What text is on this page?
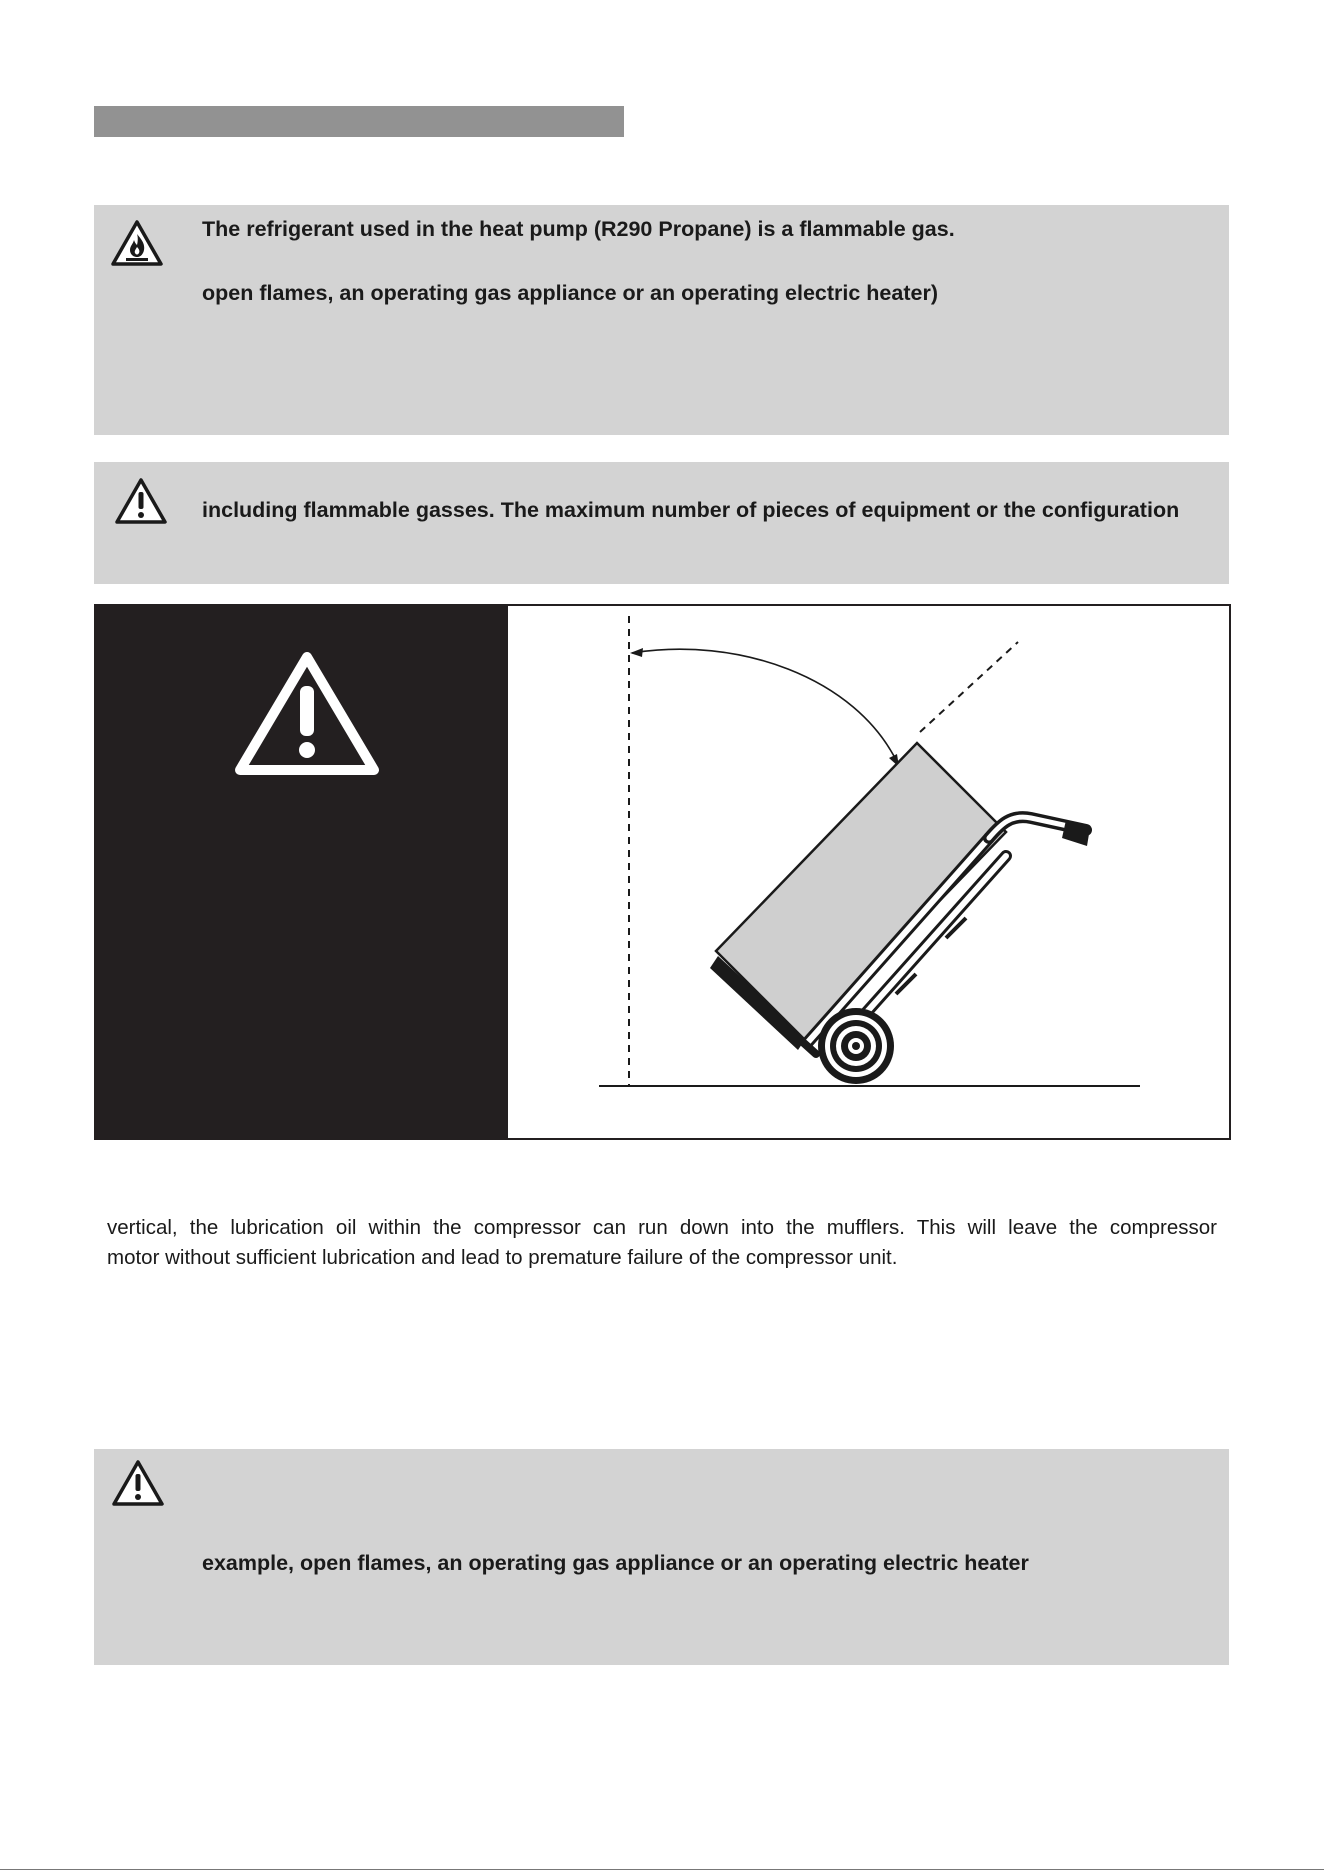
The refrigerant used in the heat pump (R290 Propane) is a flammable gas.

open flames, an operating gas appliance or an operating electric heater)

including flammable gasses. The maximum number of pieces of equipment or the configuration

vertical, the lubrication oil within the compressor can run down into the mufflers. This will leave the compressor

motor without sufficient lubrication and lead to premature failure of the compressor unit.

example, open flames, an operating gas appliance or an operating electric heater
